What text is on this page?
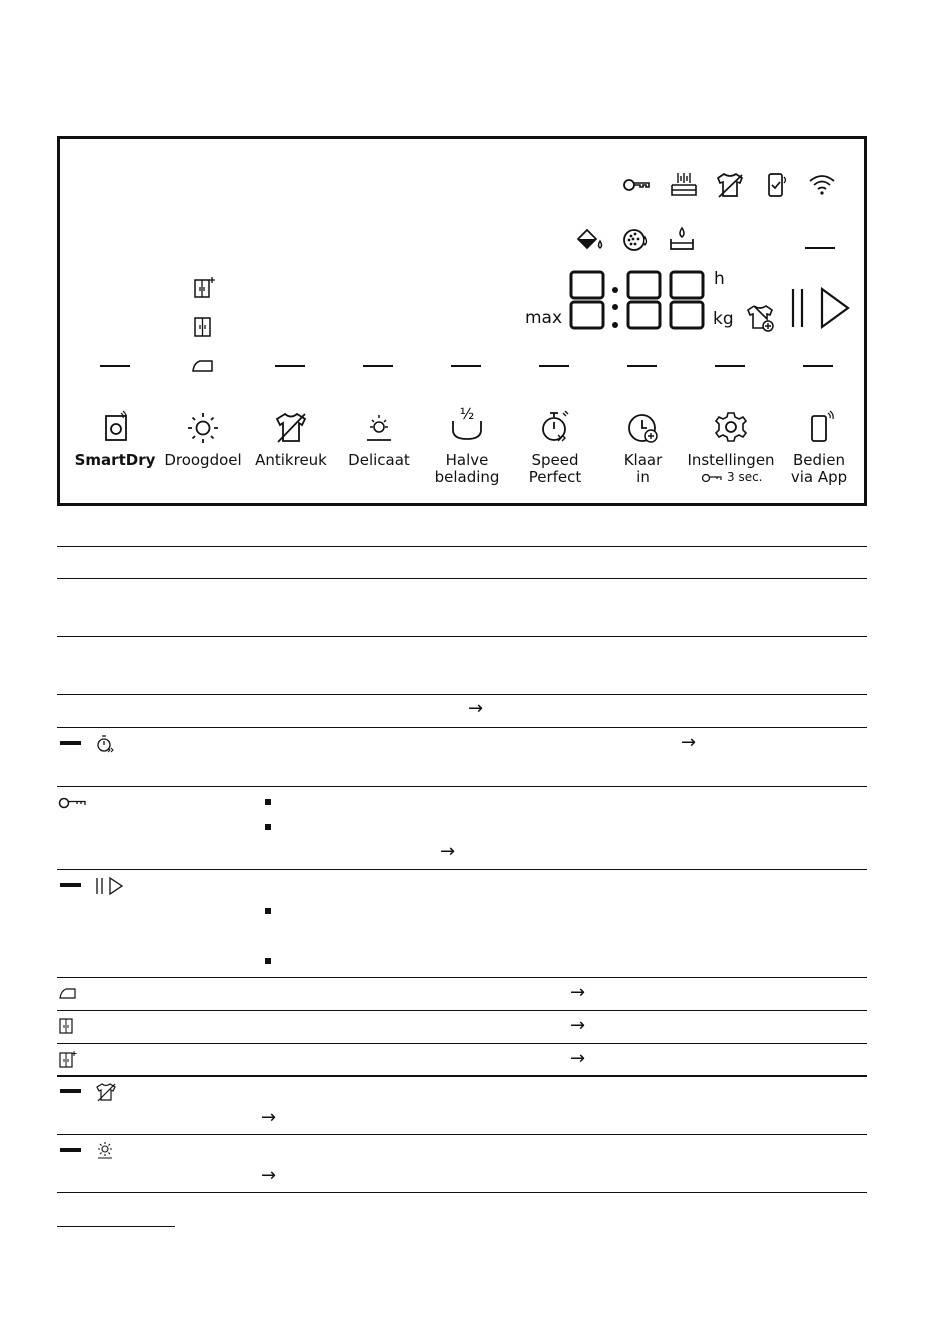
max
h
kg
½
SmartDry Droogdoel Antikreuk	Delicaat	Halve
belading
Speed
Perfect
Klaar
in
Instellingen
3 sec.
Bedien
via App
→
→
→
→
→
→
→
→
